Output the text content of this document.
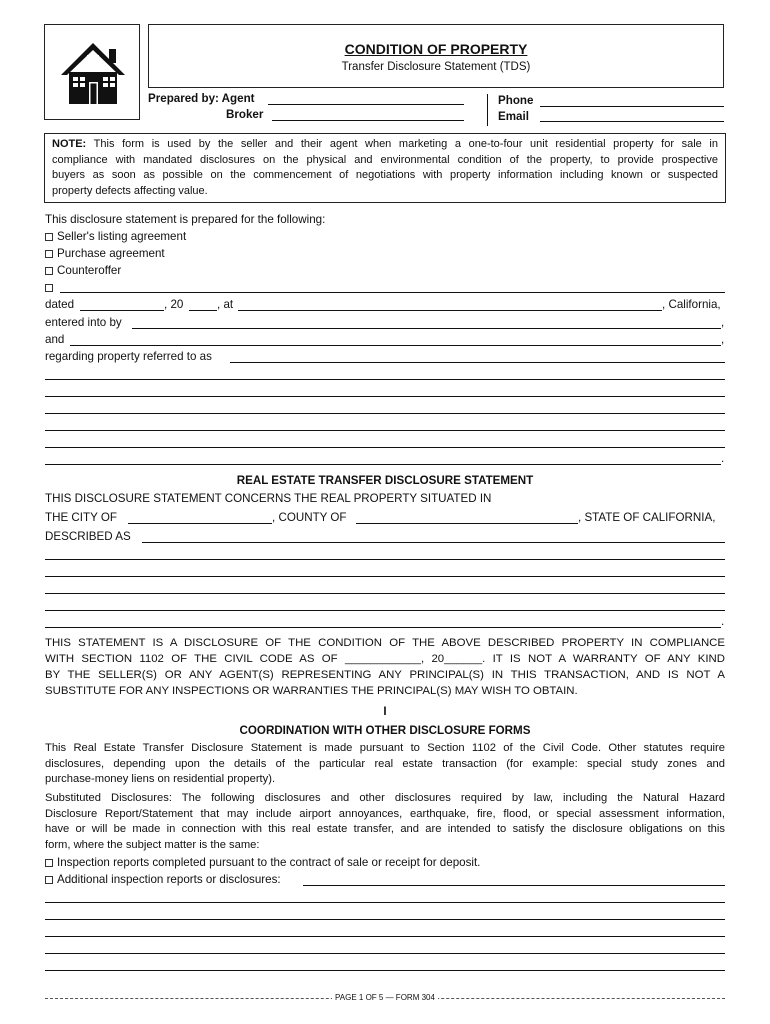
CONDITION OF PROPERTY
Transfer Disclosure Statement (TDS)
Prepared by: Agent
Broker
Phone
Email
NOTE: This form is used by the seller and their agent when marketing a one-to-four unit residential property for sale in
compliance with mandated disclosures on the physical and environmental condition of the property, to provide prospective
buyers as soon as possible on the commencement of negotiations with property information including known or suspected
property defects affecting value.
This disclosure statement is prepared for the following:
Seller's listing agreement
Purchase agreement
Counteroffer
dated	, 20	, at	, California,
entered into by	,
and	,
regarding property referred to as
.
REAL ESTATE TRANSFER DISCLOSURE STATEMENT
THIS DISCLOSURE STATEMENT CONCERNS THE REAL PROPERTY SITUATED IN
THE CITY OF	, COUNTY OF	, STATE OF CALIFORNIA,
DESCRIBED AS
.
THIS STATEMENT IS A DISCLOSURE OF THE CONDITION OF THE ABOVE DESCRIBED PROPERTY IN COMPLIANCE
WITH SECTION 1102 OF THE CIVIL CODE AS OF ____________, 20______. IT IS NOT A WARRANTY OF ANY KIND
BY THE SELLER(S) OR ANY AGENT(S) REPRESENTING ANY PRINCIPAL(S) IN THIS TRANSACTION, AND IS NOT A
SUBSTITUTE FOR ANY INSPECTIONS OR WARRANTIES THE PRINCIPAL(S) MAY WISH TO OBTAIN.
I
COORDINATION WITH OTHER DISCLOSURE FORMS
This Real Estate Transfer Disclosure Statement is made pursuant to Section 1102 of the Civil Code. Other statutes require
disclosures, depending upon the details of the particular real estate transaction (for example: special study zones and
purchase-money liens on residential property).
Substituted Disclosures: The following disclosures and other disclosures required by law, including the Natural Hazard
Disclosure Report/Statement that may include airport annoyances, earthquake, fire, flood, or special assessment information,
have or will be made in connection with this real estate transfer, and are intended to satisfy the disclosure obligations on this
form, where the subject matter is the same:
Inspection reports completed pursuant to the contract of sale or receipt for deposit.
Additional inspection reports or disclosures:
PAGE 1 OF 5 — FORM 304
